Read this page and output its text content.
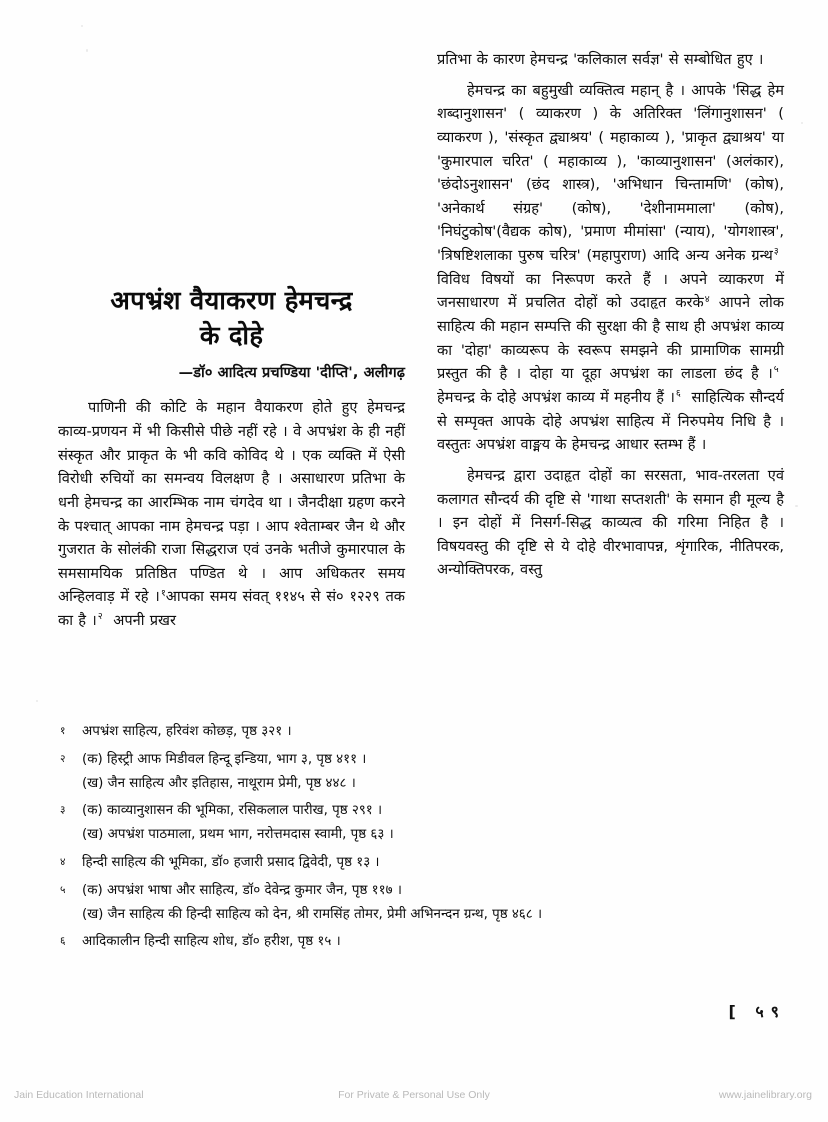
अपभ्रंश वैयाकरण हेमचन्द्र
के दोहे
—डॉ० आदित्य प्रचण्डिया 'दीप्ति', अलीगढ़

पाणिनी की कोटि के महान वैयाकरण होते हुए हेमचन्द्र काव्य-प्रणयन में भी किसीसे पीछे नहीं रहे । वे अपभ्रंश के ही नहीं संस्कृत और प्राकृत के भी कवि कोविद थे । एक व्यक्ति में ऐसी विरोधी रुचियों का समन्वय विलक्षण है । असाधारण प्रतिभा के धनी हेमचन्द्र का आरम्भिक नाम चंगदेव था । जैनदीक्षा ग्रहण करने के पश्चात् आपका नाम हेमचन्द्र पड़ा । आप श्वेताम्बर जैन थे और गुजरात के सोलंकी राजा सिद्धराज एवं उनके भतीजे कुमारपाल के समसामयिक प्रतिष्ठित पण्डित थे । आप अधिकतर समय अन्हिलवाड़ में रहे ।$^१$आपका समय संवत् ११४५ से सं० १२२९ तक का है ।$^२$ अपनी प्रखर

प्रतिभा के कारण हेमचन्द्र 'कलिकाल सर्वज्ञ' से सम्बोधित हुए ।

हेमचन्द्र का बहुमुखी व्यक्तित्व महान् है । आपके 'सिद्ध हेम शब्दानुशासन' ( व्याकरण ) के अतिरिक्त 'लिंगानुशासन' ( व्याकरण ), 'संस्कृत द्व्याश्रय' ( महाकाव्य ), 'प्राकृत द्व्याश्रय' या 'कुमारपाल चरित' ( महाकाव्य ), 'काव्यानुशासन' (अलंकार), 'छंदोऽनुशासन' (छंद शास्त्र), 'अभिधान चिन्तामणि' (कोष), 'अनेकार्थ संग्रह' (कोष), 'देशीनाममाला' (कोष), 'निघंटुकोष'(वैद्यक कोष), 'प्रमाण मीमांसा' (न्याय), 'योगशास्त्र', 'त्रिषष्टिशलाका पुरुष चरित्र' (महापुराण) आदि अन्य अनेक ग्रन्थ$^३$  विविध विषयों का निरूपण करते हैं । अपने व्याकरण में जनसाधारण में प्रचलित दोहों को उदाहृत करके$^४$ आपने लोक साहित्य की महान सम्पत्ति की सुरक्षा की है साथ ही अपभ्रंश काव्य का 'दोहा' काव्यरूप के स्वरूप समझने की प्रामाणिक सामग्री प्रस्तुत की है । दोहा या दूहा अपभ्रंश का लाडला छंद है ।$^५$  हेमचन्द्र के दोहे अपभ्रंश काव्य में महनीय हैं ।$^६$ साहित्यिक सौन्दर्य से सम्पृक्त आपके दोहे अपभ्रंश साहित्य में निरुपमेय निधि है । वस्तुतः अपभ्रंश वाङ्मय के हेमचन्द्र आधार स्तम्भ हैं ।

हेमचन्द्र द्वारा उदाहृत दोहों का सरसता, भाव-तरलता एवं कलागत सौन्दर्य की दृष्टि से 'गाथा सप्तशती' के समान ही मूल्य है । इन दोहों में निसर्ग-सिद्ध काव्यत्व की गरिमा निहित है । विषयवस्तु की दृष्टि से ये दोहे वीरभावापन्न, शृंगारिक, नीतिपरक, अन्योक्तिपरक, वस्तु

१	अपभ्रंश साहित्य, हरिवंश कोछड़, पृष्ठ ३२१ ।
२	(क) हिस्ट्री आफ मिडीवल हिन्दू इन्डिया, भाग ३, पृष्ठ ४११ ।
(ख) जैन साहित्य और इतिहास, नाथूराम प्रेमी, पृष्ठ ४४८ ।
३	(क) काव्यानुशासन की भूमिका, रसिकलाल पारीख, पृष्ठ २९१ ।
(ख) अपभ्रंश पाठमाला, प्रथम भाग, नरोत्तमदास स्वामी, पृष्ठ ६३ ।
४	हिन्दी साहित्य की भूमिका, डॉ० हजारी प्रसाद द्विवेदी, पृष्ठ १३ ।
५	(क) अपभ्रंश भाषा और साहित्य, डॉ० देवेन्द्र कुमार जैन, पृष्ठ ११७ ।
(ख) जैन साहित्य की हिन्दी साहित्य को देन, श्री रामसिंह तोमर, प्रेमी अभिनन्दन ग्रन्थ, पृष्ठ ४६८ ।
६	आदिकालीन हिन्दी साहित्य शोध, डॉ० हरीश, पृष्ठ १५ ।
[ ५९
Jain Education International	For Private & Personal Use Only	www.jainelibrary.org
